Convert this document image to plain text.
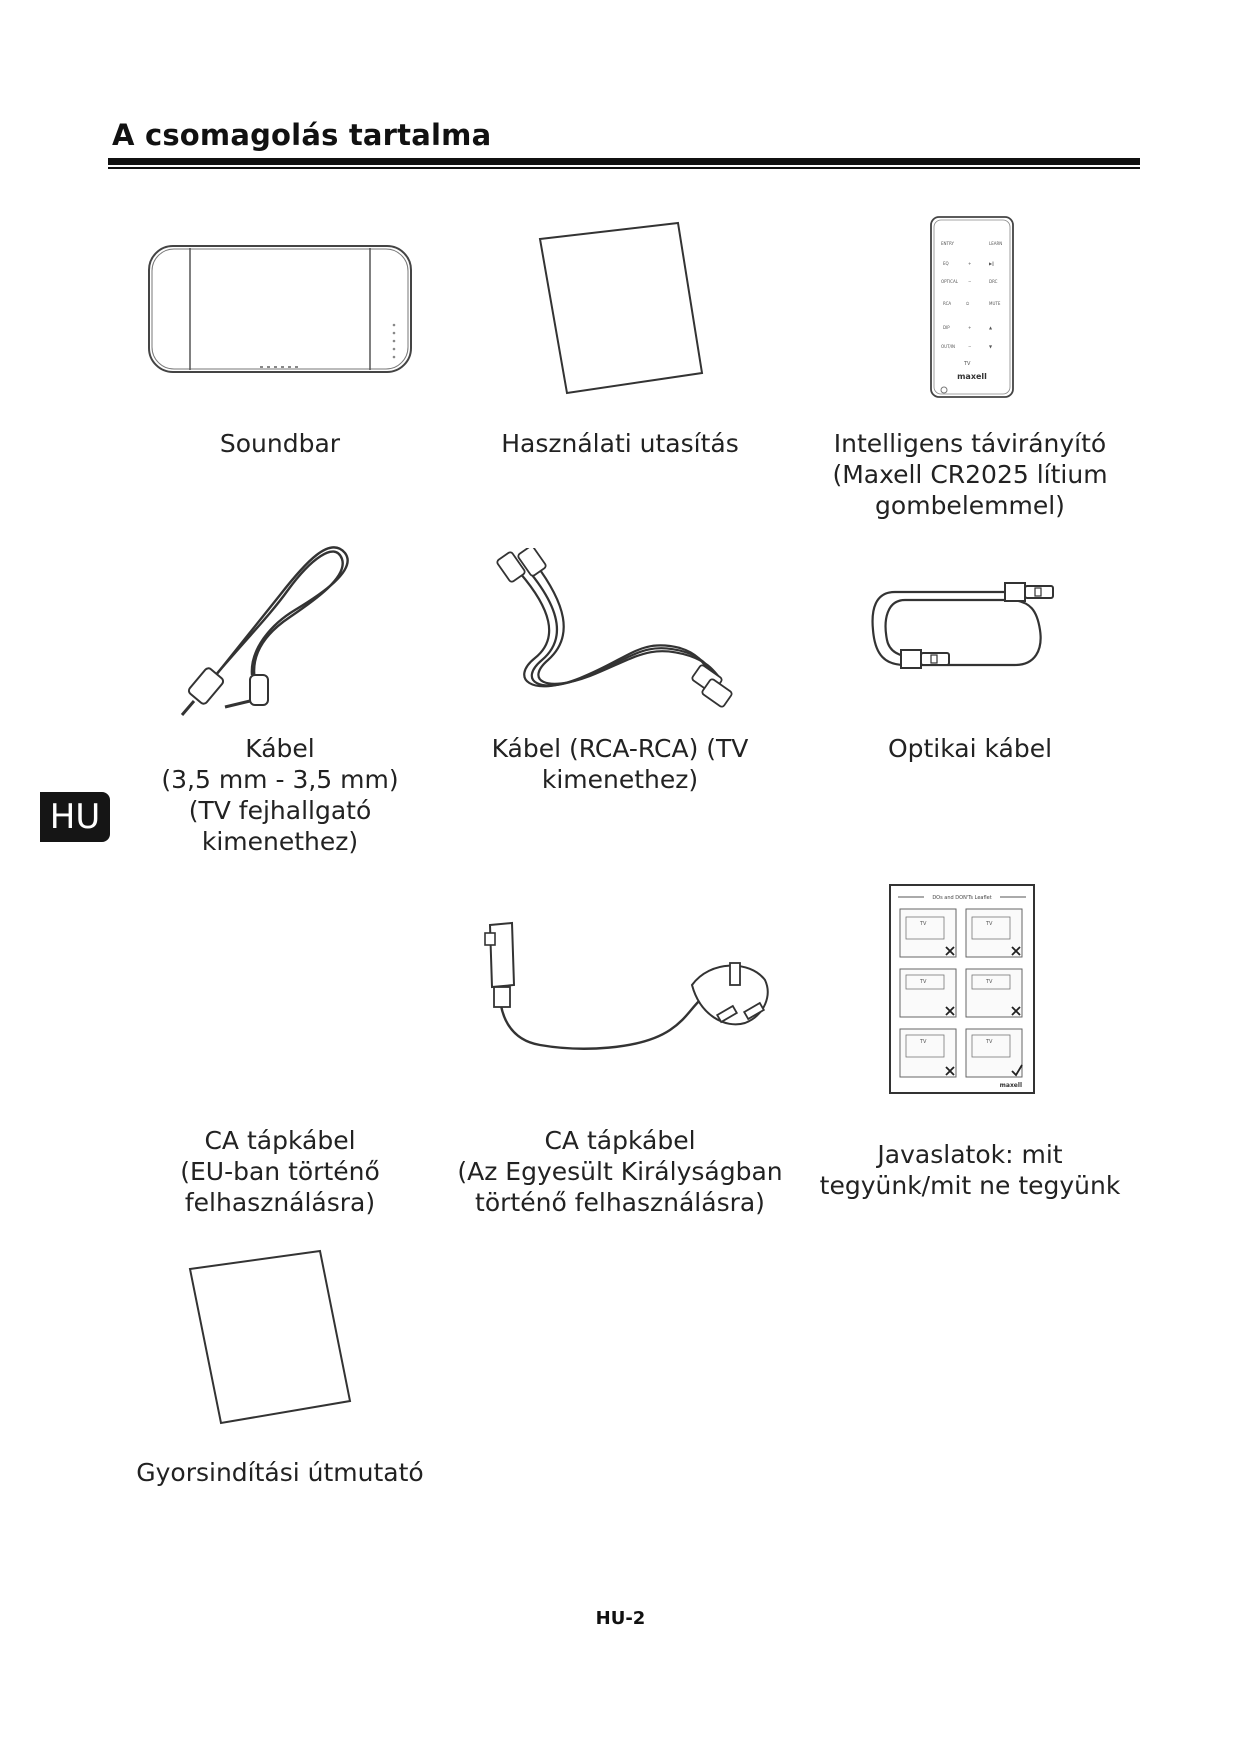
A csomagolás tartalma
Soundbar	Használati utasítás
ENTRY	LEARN
EQ	+	▶‖
OPTICAL	−	DRC
RCA	⏻	MUTE
DIP	+	▲
OUT/IN	−	▼
TV
maxell
Intelligens távirányító
(Maxell CR2025 lítium
gombelemmel)
Kábel
(3,5 mm - 3,5 mm)
(TV fejhallgató
kimenethez)
Kábel (RCA-RCA) (TV
kimenethez)
Optikai kábel
CA tápkábel
(EU-ban történő
felhasználásra)
CA tápkábel
(Az Egyesült Királyságban
történő felhasználásra)
DOs and DON'Ts Leaflet
TV	TV
TV	TV
TV	TV
maxell
Javaslatok: mit
tegyünk/mit ne tegyünk
Gyorsindítási útmutató
HU
HU-2
